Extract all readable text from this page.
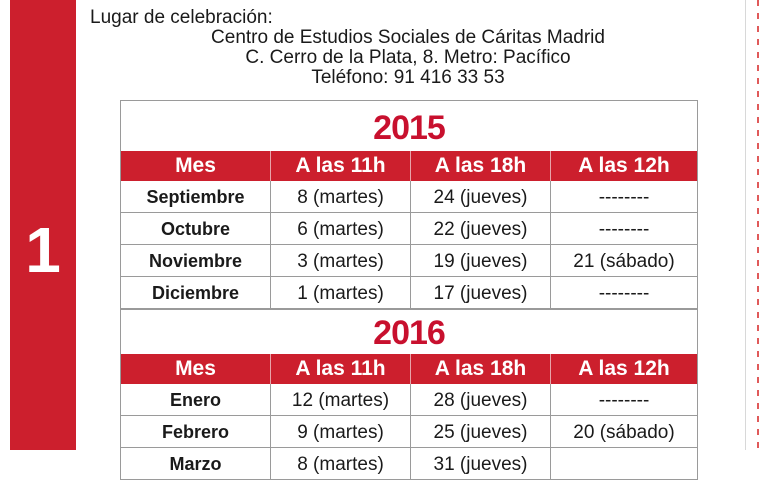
1
Lugar de celebración:
Centro de Estudios Sociales de Cáritas Madrid
C. Cerro de la Plata, 8. Metro: Pacífico
Teléfono: 91 416 33 53
2015
Mes	A las 11h	A las 18h	A las 12h
Septiembre	8 (martes)	24 (jueves)	--------
Octubre	6 (martes)	22 (jueves)	--------
Noviembre	3 (martes)	19 (jueves)	21 (sábado)
Diciembre	1 (martes)	17 (jueves)	--------
2016
Mes	A las 11h	A las 18h	A las 12h
Enero	12 (martes)	28 (jueves)	--------
Febrero	9 (martes)	25 (jueves)	20 (sábado)
Marzo	8 (martes)	31 (jueves)
